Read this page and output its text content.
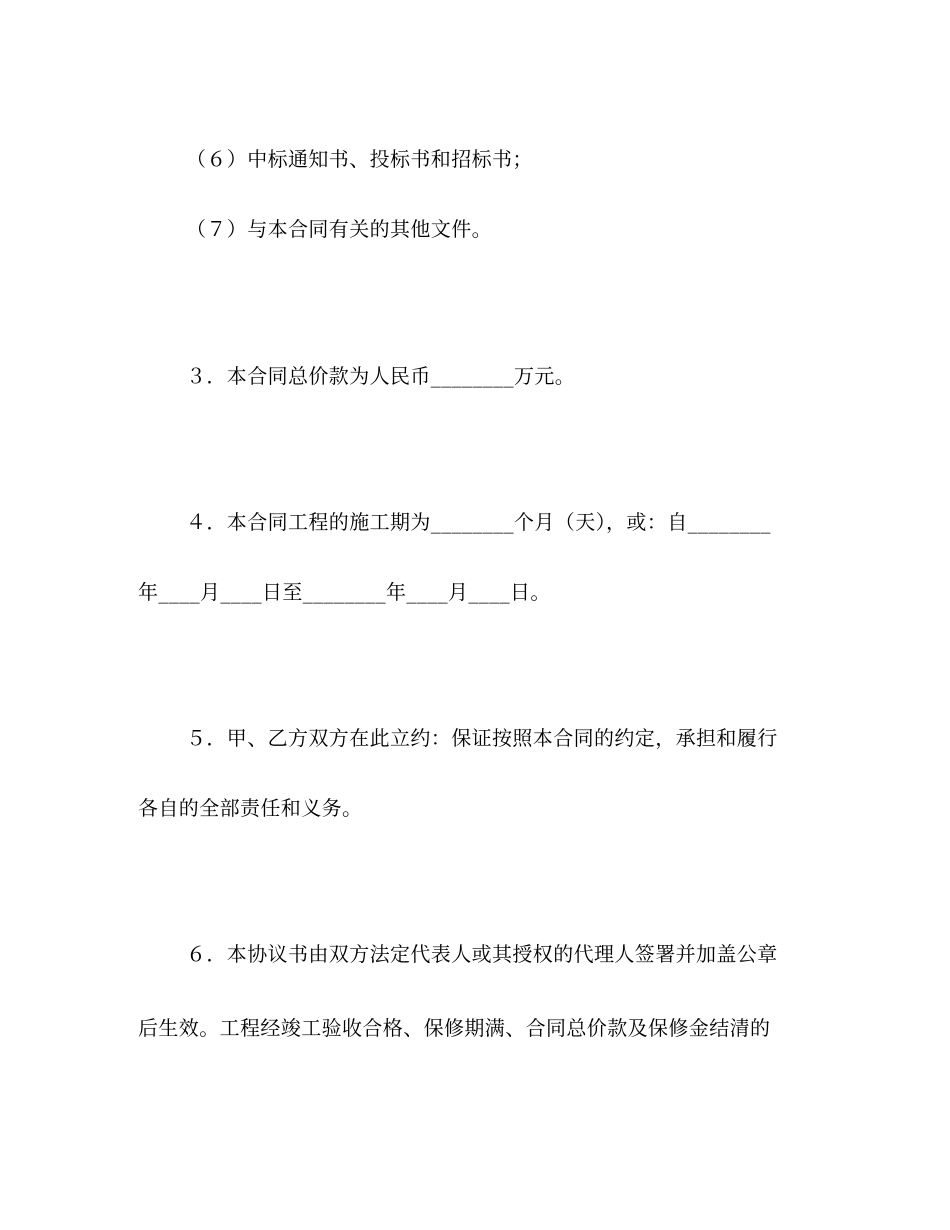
（６）中标通知书、投标书和招标书；
（７）与本合同有关的其他文件。
３．本合同总价款为人民币________万元。
４．本合同工程的施工期为________个月（天），或：自________
年____月____日至________年____月____日。
５．甲、乙方双方在此立约：保证按照本合同的约定，承担和履行
各自的全部责任和义务。
６．本协议书由双方法定代表人或其授权的代理人签署并加盖公章
后生效。工程经竣工验收合格、保修期满、合同总价款及保修金结清的
